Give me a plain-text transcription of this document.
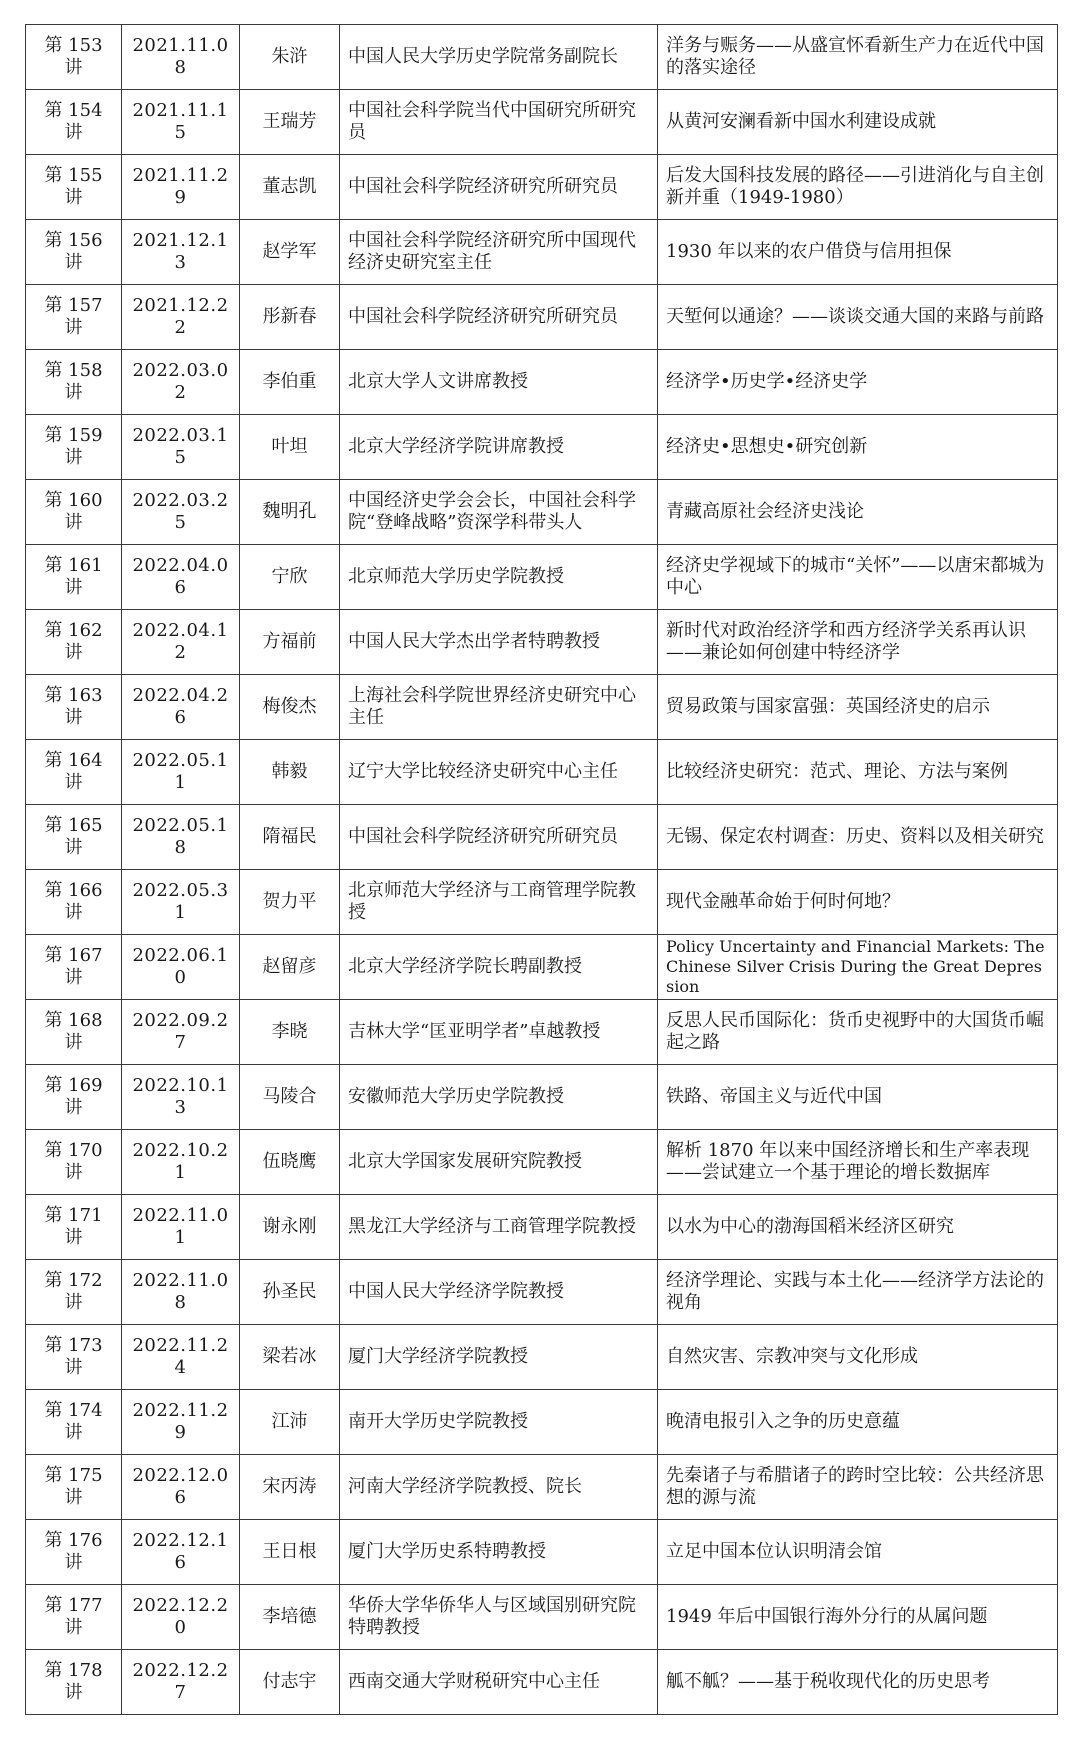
第 153 讲	2021.11.08	朱浒	中国人民大学历史学院常务副院长	洋务与赈务——从盛宣怀看新生产力在近代中国的落实途径
第 154 讲	2021.11.15	王瑞芳	中国社会科学院当代中国研究所研究员	从黄河安澜看新中国水利建设成就
第 155 讲	2021.11.29	董志凯	中国社会科学院经济研究所研究员	后发大国科技发展的路径——引进消化与自主创新并重（1949-1980）
第 156 讲	2021.12.13	赵学军	中国社会科学院经济研究所中国现代经济史研究室主任	1930 年以来的农户借贷与信用担保
第 157 讲	2021.12.22	彤新春	中国社会科学院经济研究所研究员	天堑何以通途？——谈谈交通大国的来路与前路
第 158 讲	2022.03.02	李伯重	北京大学人文讲席教授	经济学•历史学•经济史学
第 159 讲	2022.03.15	叶坦	北京大学经济学院讲席教授	经济史•思想史•研究创新
第 160 讲	2022.03.25	魏明孔	中国经济史学会会长，中国社会科学院“登峰战略”资深学科带头人	青藏高原社会经济史浅论
第 161 讲	2022.04.06	宁欣	北京师范大学历史学院教授	经济史学视域下的城市“关怀”——以唐宋都城为中心
第 162 讲	2022.04.12	方福前	中国人民大学杰出学者特聘教授	新时代对政治经济学和西方经济学关系再认识——兼论如何创建中特经济学
第 163 讲	2022.04.26	梅俊杰	上海社会科学院世界经济史研究中心主任	贸易政策与国家富强：英国经济史的启示
第 164 讲	2022.05.11	韩毅	辽宁大学比较经济史研究中心主任	比较经济史研究：范式、理论、方法与案例
第 165 讲	2022.05.18	隋福民	中国社会科学院经济研究所研究员	无锡、保定农村调查：历史、资料以及相关研究
第 166 讲	2022.05.31	贺力平	北京师范大学经济与工商管理学院教授	现代金融革命始于何时何地？
第 167 讲	2022.06.10	赵留彦	北京大学经济学院长聘副教授	Policy Uncertainty and Financial Markets: The Chinese Silver Crisis During the Great Depression
第 168 讲	2022.09.27	李晓	吉林大学“匡亚明学者”卓越教授	反思人民币国际化：货币史视野中的大国货币崛起之路
第 169 讲	2022.10.13	马陵合	安徽师范大学历史学院教授	铁路、帝国主义与近代中国
第 170 讲	2022.10.21	伍晓鹰	北京大学国家发展研究院教授	解析 1870 年以来中国经济增长和生产率表现——尝试建立一个基于理论的增长数据库
第 171 讲	2022.11.01	谢永刚	黑龙江大学经济与工商管理学院教授	以水为中心的渤海国稻米经济区研究
第 172 讲	2022.11.08	孙圣民	中国人民大学经济学院教授	经济学理论、实践与本土化——经济学方法论的视角
第 173 讲	2022.11.24	梁若冰	厦门大学经济学院教授	自然灾害、宗教冲突与文化形成
第 174 讲	2022.11.29	江沛	南开大学历史学院教授	晚清电报引入之争的历史意蕴
第 175 讲	2022.12.06	宋丙涛	河南大学经济学院教授、院长	先秦诸子与希腊诸子的跨时空比较：公共经济思想的源与流
第 176 讲	2022.12.16	王日根	厦门大学历史系特聘教授	立足中国本位认识明清会馆
第 177 讲	2022.12.20	李培德	华侨大学华侨华人与区域国别研究院特聘教授	1949 年后中国银行海外分行的从属问题
第 178 讲	2022.12.27	付志宇	西南交通大学财税研究中心主任	觚不觚？——基于税收现代化的历史思考
